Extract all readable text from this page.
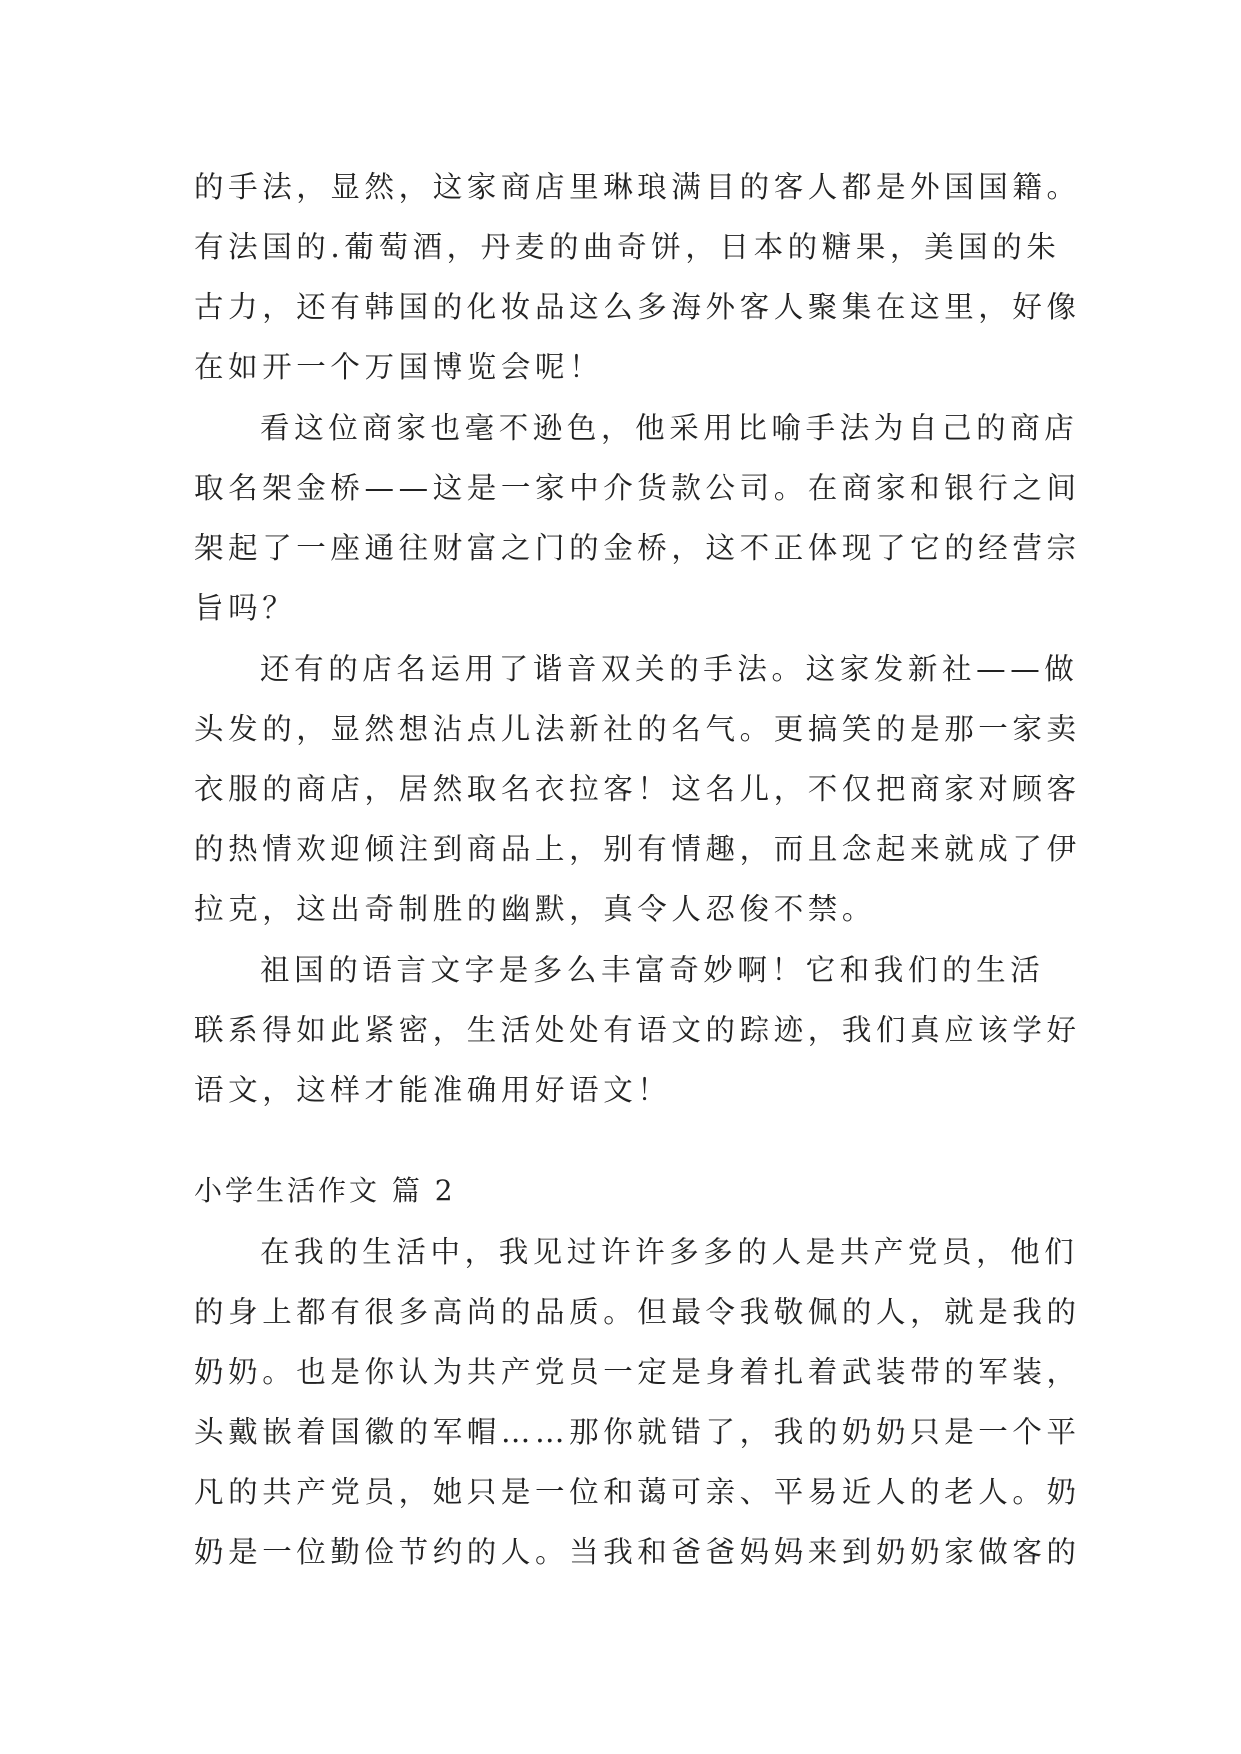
的手法，显然，这家商店里琳琅满目的客人都是外国国籍。
有法国的.葡萄酒，丹麦的曲奇饼，日本的糖果，美国的朱
古力，还有韩国的化妆品这么多海外客人聚集在这里，好像
在如开一个万国博览会呢！
看这位商家也毫不逊色，他采用比喻手法为自己的商店
取名架金桥——这是一家中介货款公司。在商家和银行之间
架起了一座通往财富之门的金桥，这不正体现了它的经营宗
旨吗？
还有的店名运用了谐音双关的手法。这家发新社——做
头发的，显然想沾点儿法新社的名气。更搞笑的是那一家卖
衣服的商店，居然取名衣拉客！这名儿，不仅把商家对顾客
的热情欢迎倾注到商品上，别有情趣，而且念起来就成了伊
拉克，这出奇制胜的幽默，真令人忍俊不禁。
祖国的语言文字是多么丰富奇妙啊！它和我们的生活
联系得如此紧密，生活处处有语文的踪迹，我们真应该学好
语文，这样才能准确用好语文！
小学生活作文 篇 2
在我的生活中，我见过许许多多的人是共产党员，他们
的身上都有很多高尚的品质。但最令我敬佩的人，就是我的
奶奶。也是你认为共产党员一定是身着扎着武装带的军装，
头戴嵌着国徽的军帽……那你就错了，我的奶奶只是一个平
凡的共产党员，她只是一位和蔼可亲、平易近人的老人。奶
奶是一位勤俭节约的人。当我和爸爸妈妈来到奶奶家做客的
